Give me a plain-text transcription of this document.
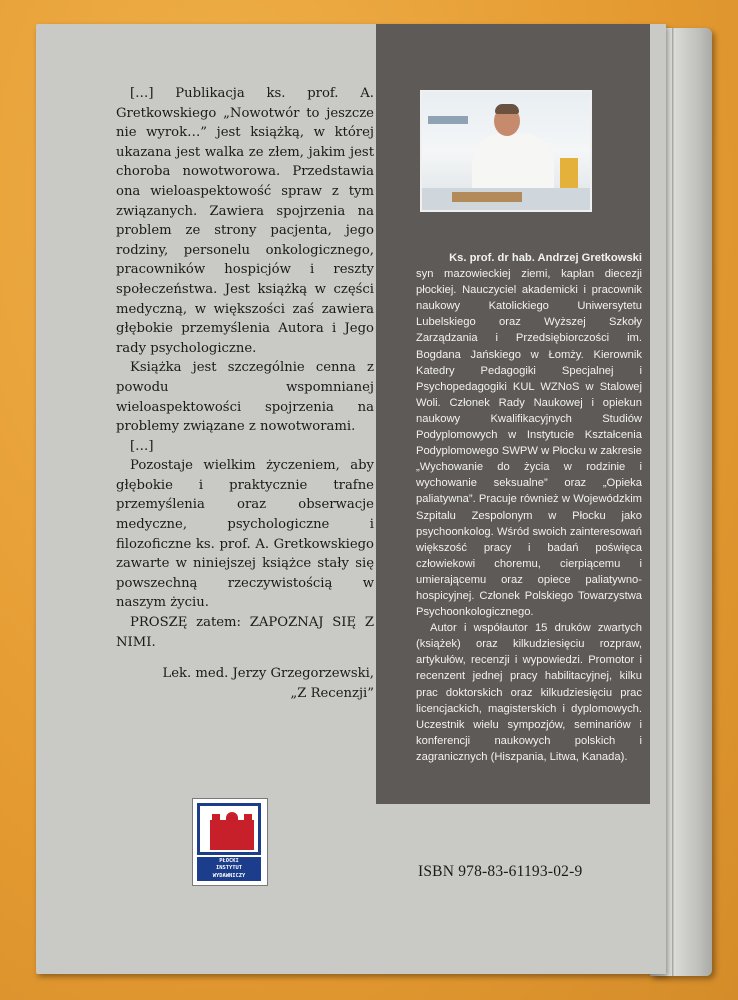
[…] Publikacja ks. prof. A. Gretkowskiego „Nowotwór to jeszcze nie wyrok…” jest książką, w której ukazana jest walka ze złem, jakim jest choroba nowotworowa. Przedstawia ona wieloaspektowość spraw z tym związanych. Zawiera spojrzenia na problem ze strony pacjenta, jego rodziny, personelu onkologicznego, pracowników hospicjów i reszty społeczeństwa. Jest książką w części medyczną, w większości zaś zawiera głębokie przemyślenia Autora i Jego rady psychologiczne.

Książka jest szczególnie cenna z powodu wspomnianej wieloaspektowości spojrzenia na problemy związane z nowotworami.

[…]

Pozostaje wielkim życzeniem, aby głębokie i praktycznie trafne przemyślenia oraz obserwacje medyczne, psychologiczne i filozoficzne ks. prof. A. Gretkowskiego zawarte w niniejszej książce stały się powszechną rzeczywistością w naszym życiu.

PROSZĘ zatem: ZAPOZNAJ SIĘ Z NIMI.

Lek. med. Jerzy Grzegorzewski,

„Z Recenzji”

Ks. prof. dr hab. Andrzej Gretkowski

syn mazowieckiej ziemi, kapłan diecezji płockiej. Nauczyciel akademicki i pracownik naukowy Katolickiego Uniwersytetu Lubelskiego oraz Wyższej Szkoły Zarządzania i Przedsiębiorczości im. Bogdana Jańskiego w Łomży. Kierownik Katedry Pedagogiki Specjalnej i Psychopedagogiki KUL WZNoS w Stalowej Woli. Członek Rady Naukowej i opiekun naukowy Kwalifikacyjnych Studiów Podyplomowych w Instytucie Kształcenia Podyplomowego SWPW w Płocku w zakresie „Wychowanie do życia w rodzinie i wychowanie seksualne” oraz „Opieka paliatywna”. Pracuje również w Wojewódzkim Szpitalu Zespolonym w Płocku jako psychoonkolog. Wśród swoich zainteresowań większość pracy i badań poświęca człowiekowi choremu, cierpiącemu i umierającemu oraz opiece paliatywno-hospicyjnej. Członek Polskiego Towarzystwa Psychoonkologicznego.

Autor i współautor 15 druków zwartych (książek) oraz kilkudziesięciu rozpraw, artykułów, recenzji i wypowiedzi. Promotor i recenzent jednej pracy habilitacyjnej, kilku prac doktorskich oraz kilkudziesięciu prac licencjackich, magisterskich i dyplomowych. Uczestnik wielu sympozjów, seminariów i konferencji naukowych polskich i zagranicznych (Hiszpania, Litwa, Kanada).

PŁOCKI
INSTYTUT
WYDAWNICZY	ISBN 978-83-61193-02-9
